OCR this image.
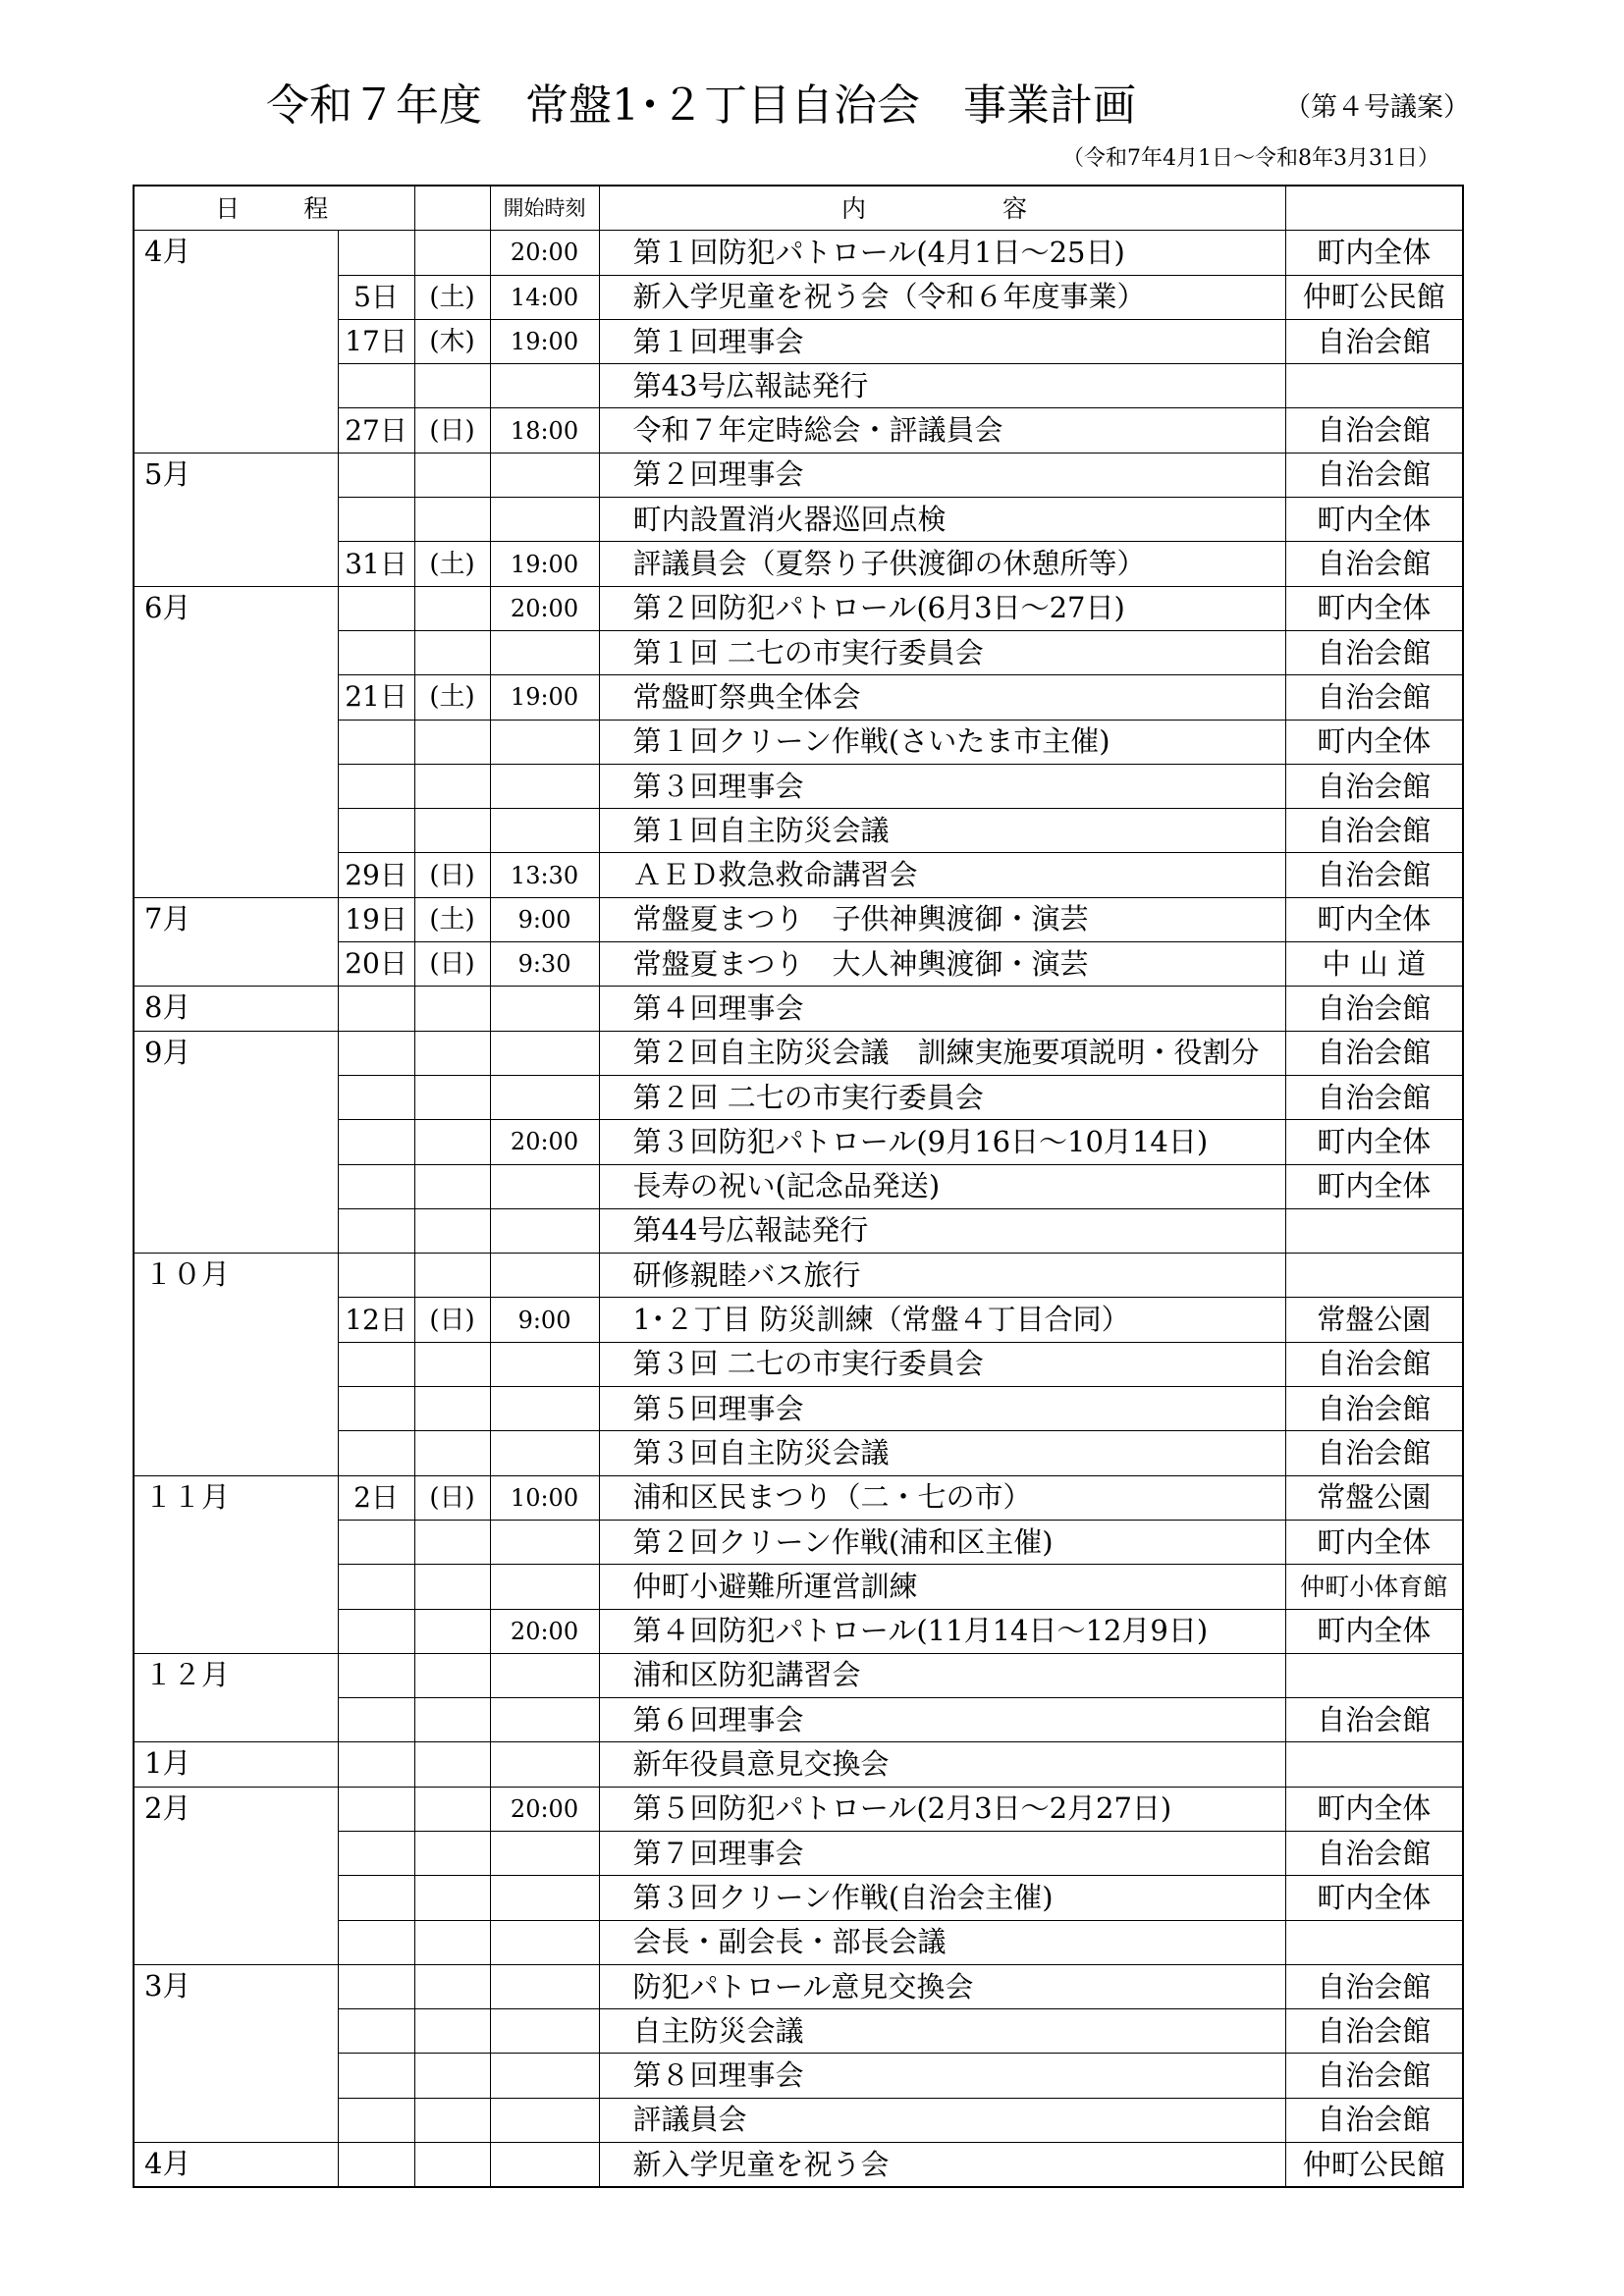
令和７年度　常盤1･２丁目自治会　事業計画	（第４号議案）
（令和7年4月1日～令和8年3月31日）
日　　程			開始時刻	内　　　容	
4月			20:00	第１回防犯パトロール(4月1日～25日)	町内全体
	5日	(土)	14:00	新入学児童を祝う会（令和６年度事業）	仲町公民館
	17日	(木)	19:00	第１回理事会	自治会館
				第43号広報誌発行	
	27日	(日)	18:00	令和７年定時総会・評議員会	自治会館
5月				第２回理事会	自治会館
				町内設置消火器巡回点検	町内全体
	31日	(土)	19:00	評議員会（夏祭り子供渡御の休憩所等）	自治会館
6月			20:00	第２回防犯パトロール(6月3日～27日)	町内全体
				第１回 二七の市実行委員会	自治会館
	21日	(土)	19:00	常盤町祭典全体会	自治会館
				第１回クリーン作戦(さいたま市主催)	町内全体
				第３回理事会	自治会館
				第１回自主防災会議	自治会館
	29日	(日)	13:30	ＡＥＤ救急救命講習会	自治会館
7月	19日	(土)	9:00	常盤夏まつり　子供神輿渡御・演芸	町内全体
	20日	(日)	9:30	常盤夏まつり　大人神輿渡御・演芸	中 山 道
8月				第４回理事会	自治会館
9月				第２回自主防災会議　訓練実施要項説明・役割分	自治会館
				第２回 二七の市実行委員会	自治会館
			20:00	第３回防犯パトロール(9月16日～10月14日)	町内全体
				長寿の祝い(記念品発送)	町内全体
				第44号広報誌発行	
１０月				研修親睦バス旅行	
	12日	(日)	9:00	1･２丁目 防災訓練（常盤４丁目合同）	常盤公園
				第３回 二七の市実行委員会	自治会館
				第５回理事会	自治会館
				第３回自主防災会議	自治会館
１１月	2日	(日)	10:00	浦和区民まつり（二・七の市）	常盤公園
				第２回クリーン作戦(浦和区主催)	町内全体
				仲町小避難所運営訓練	仲町小体育館
			20:00	第４回防犯パトロール(11月14日～12月9日)	町内全体
１２月				浦和区防犯講習会	
				第６回理事会	自治会館
1月				新年役員意見交換会	
2月			20:00	第５回防犯パトロール(2月3日～2月27日)	町内全体
				第７回理事会	自治会館
				第３回クリーン作戦(自治会主催)	町内全体
				会長・副会長・部長会議	
3月				防犯パトロール意見交換会	自治会館
				自主防災会議	自治会館
				第８回理事会	自治会館
				評議員会	自治会館
4月				新入学児童を祝う会	仲町公民館
